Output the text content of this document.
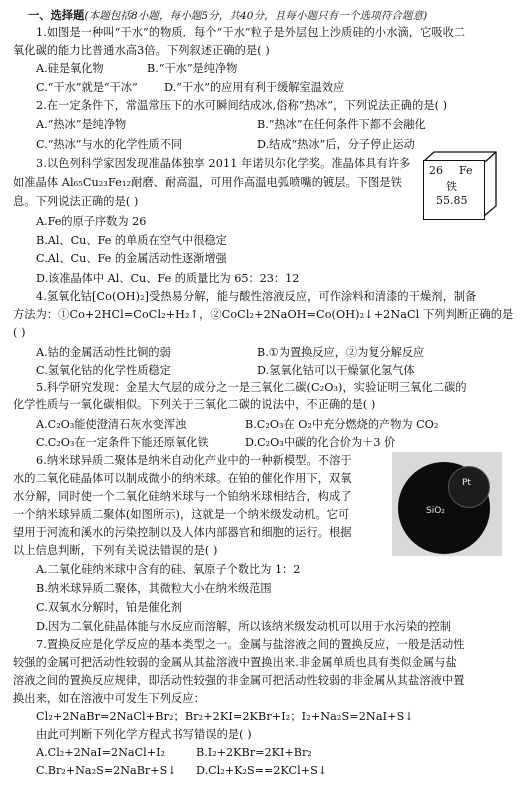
一、选择题(本题包括8小题，每小题5分，共40分，且每小题只有一个选项符合题意)
1.如图是一种叫“干水”的物质．每个“干水”粒子是外层包上沙质硅的小水滴，它吸收二
氧化碳的能力比普通水高3倍。下列叙述正确的是( )
A.硅是氧化物	B.“干水”是纯净物
C.“干水”就是“干冰” D.“干水”的应用有利于缓解室温效应
2.在一定条件下，常温常压下的水可瞬间结成冰,俗称“热冰”，下列说法正确的是( )
A.“热冰”是纯净物	B.“热冰”在任何条件下都不会融化
C.“热冰”与水的化学性质不同	D.结成“热冰”后，分子停止运动
3.以色列科学家因发现准晶体独享 2011 年诺贝尔化学奖。准晶体具有许多
如准晶体 Al₆₅Cu₂₃Fe₁₂耐磨、耐高温，可用作高温电弧喷嘴的镀层。下图是铁
息。下列说法正确的是( )
A.Fe的原子序数为 26
B.Al、Cu、Fe 的单质在空气中很稳定
C.Al、Cu、Fe 的金属活动性逐渐增强
D.该准晶体中 Al、Cu、Fe 的质量比为 65：23：12
26 Fe
铁
55.85
4.氢氧化钴[Co(OH)₂]受热易分解，能与酸性溶液反应，可作涂料和清漆的干燥剂，制备
方法为：①Co+2HCl=CoCl₂+H₂↑，②CoCl₂+2NaOH=Co(OH)₂↓+2NaCl 下列判断正确的是
( )
A.钴的金属活动性比铜的弱	B.①为置换反应，②为复分解反应
C.氢氧化钴的化学性质稳定	D.氢氧化钴可以干燥氯化氢气体
5.科学研究发现：金星大气层的成分之一是三氧化二碳(C₂O₃)，实验证明三氧化二碳的
化学性质与一氧化碳相似。下列关于三氧化二碳的说法中，不正确的是( )
A.C₂O₃能使澄清石灰水变浑浊	B.C₂O₃在 O₂中充分燃烧的产物为 CO₂
C.C₂O₃在一定条件下能还原氧化铁	D.C₂O₃中碳的化合价为＋3 价
6.纳米球异质二聚体是纳米自动化产业中的一种新模型。不溶于
水的二氧化硅晶体可以制成微小的纳米球。在铂的催化作用下，双氧
水分解，同时使一个二氧化硅纳米球与一个铂纳米球相结合，构成了
一个纳米球异质二聚体(如图所示)，这就是一个纳米级发动机。它可
望用于河流和溪水的污染控制以及人体内部器官和细胞的运行。根据
以上信息判断，下列有关说法错误的是( )
A.二氧化硅纳米球中含有的硅、氧原子个数比为 1：2
B.纳米球异质二聚体，其微粒大小在纳米级范围
C.双氧水分解时，铂是催化剂
D.因为二氧化硅晶体能与水反应而溶解，所以该纳米级发动机可以用于水污染的控制
SiO₂
Pt
7.置换反应是化学反应的基本类型之一。金属与盐溶液之间的置换反应，一般是活动性
较强的金属可把活动性较弱的金属从其盐溶液中置换出来.非金属单质也具有类似金属与盐
溶液之间的置换反应规律，即活动性较强的非金属可把活动性较弱的非金属从其盐溶液中置
换出来，如在溶液中可发生下列反应：
Cl₂+2NaBr=2NaCl+Br₂；Br₂+2KI=2KBr+I₂；I₂+Na₂S=2NaI+S↓
由此可判断下列化学方程式书写错误的是( )
A.Cl₂+2NaI=2NaCl+I₂	B.I₂+2KBr=2KI+Br₂
C.Br₂+Na₂S=2NaBr+S↓ D.Cl₂+K₂S==2KCl+S↓
